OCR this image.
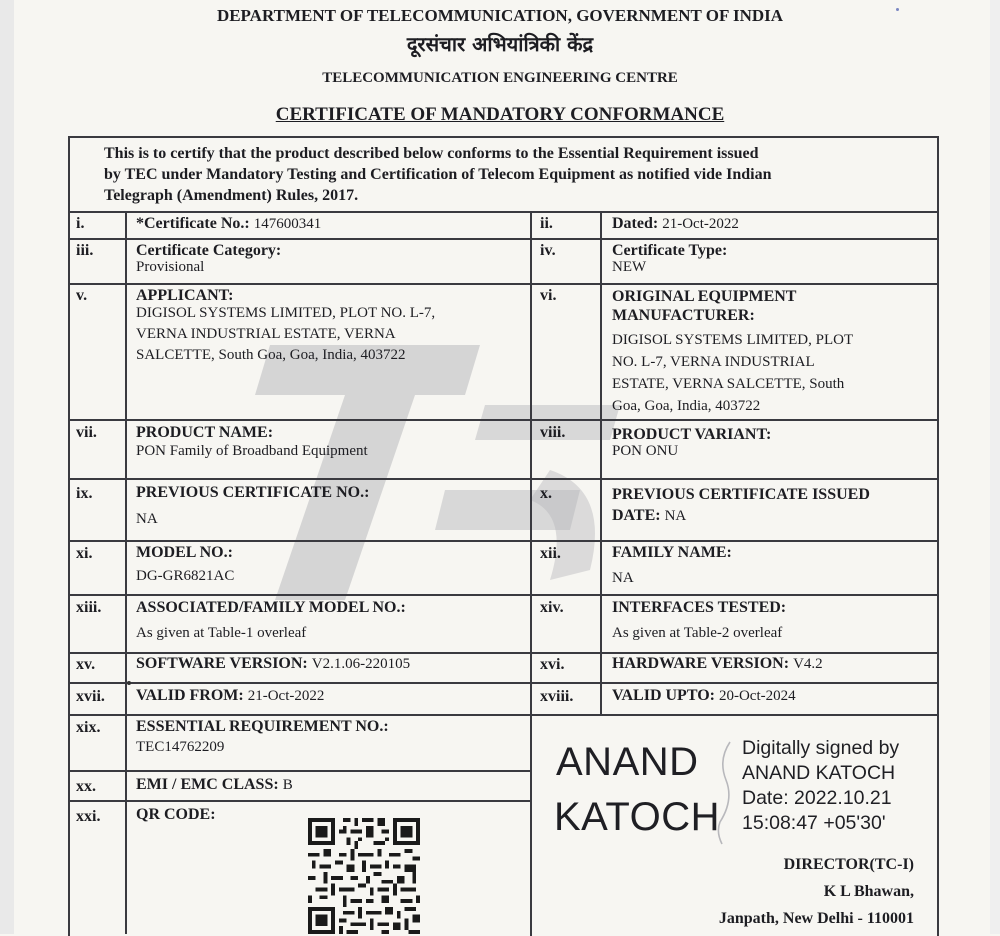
DEPARTMENT OF TELECOMMUNICATION, GOVERNMENT OF INDIA
दूरसंचार अभियांत्रिकी केंद्र
TELECOMMUNICATION ENGINEERING CENTRE
CERTIFICATE OF MANDATORY CONFORMANCE
This is to certify that the product described below conforms to the Essential Requirement issued
by TEC under Mandatory Testing and Certification of Telecom Equipment as notified vide Indian
Telegraph (Amendment) Rules, 2017.
i.	*Certificate No.: 147600341	ii.	Dated: 21-Oct-2022
iii.	Certificate Category:
Provisional
iv.	Certificate Type:
NEW
v.	APPLICANT:
DIGISOL SYSTEMS LIMITED, PLOT NO. L-7,
VERNA INDUSTRIAL ESTATE, VERNA
SALCETTE, South Goa, Goa, India, 403722
vi.	ORIGINAL EQUIPMENT
MANUFACTURER:
DIGISOL SYSTEMS LIMITED, PLOT
NO. L-7, VERNA INDUSTRIAL
ESTATE, VERNA SALCETTE, South
Goa, Goa, India, 403722
vii. PRODUCT NAME:
PON Family of Broadband Equipment
viii.	PRODUCT VARIANT:
PON ONU
ix.	PREVIOUS CERTIFICATE NO.:
NA
x.	PREVIOUS CERTIFICATE ISSUED
DATE: NA
xi.	MODEL NO.:
DG-GR6821AC
xii.	FAMILY NAME:
NA
xiii. ASSOCIATED/FAMILY MODEL NO.:
As given at Table-1 overleaf
xiv.	INTERFACES TESTED:
As given at Table-2 overleaf
xv.	SOFTWARE VERSION: V2.1.06-220105	xvi.	HARDWARE VERSION: V4.2
xvii. VALID FROM: 21-Oct-2022	xviii. VALID UPTO: 20-Oct-2024
xix. ESSENTIAL REQUIREMENT NO.:
TEC14762209
xx.	EMI / EMC CLASS: B
xxi. QR CODE:
ANAND
KATOCH
Digitally signed by
ANAND KATOCH
Date: 2022.10.21
15:08:47 +05'30'
DIRECTOR(TC-I)
K L Bhawan,
Janpath, New Delhi - 110001
